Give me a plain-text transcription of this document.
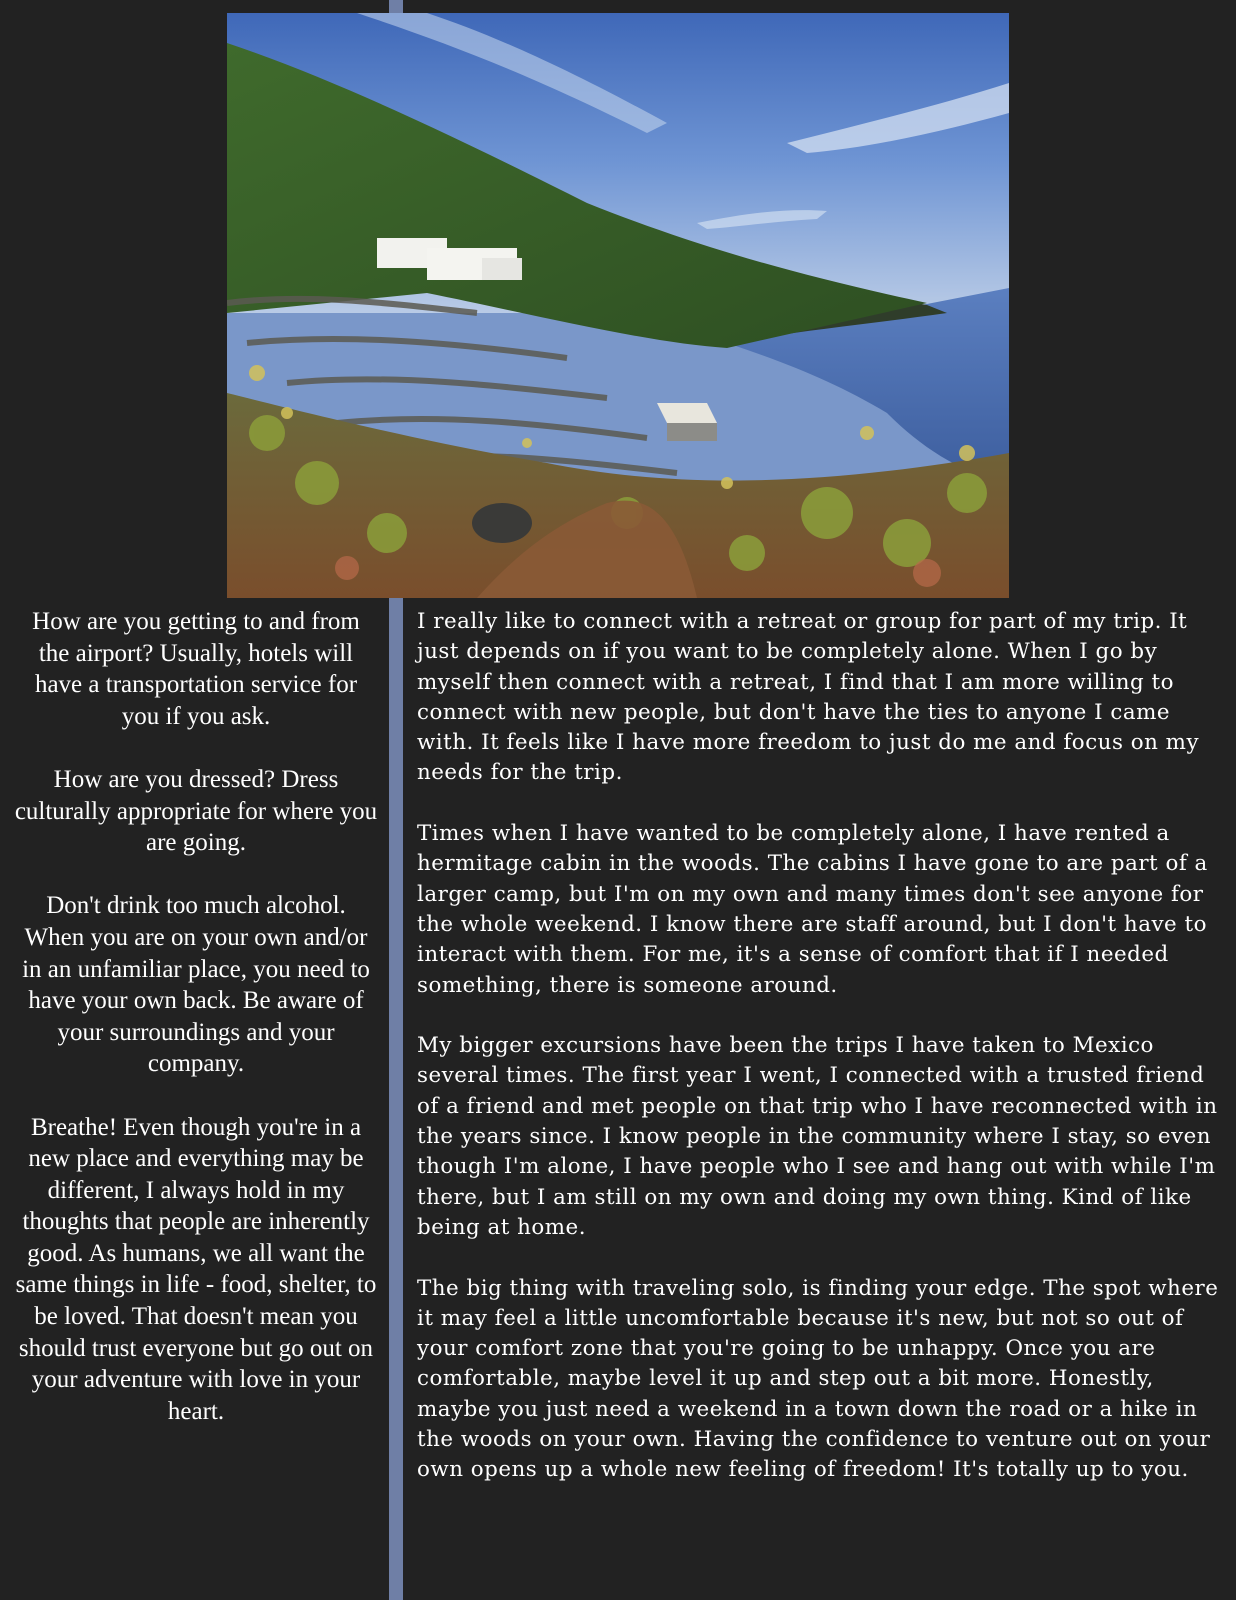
How are you getting to and from the airport? Usually, hotels will have a transportation service for you if you ask.

How are you dressed? Dress culturally appropriate for where you are going.

Don't drink too much alcohol. When you are on your own and/or in an unfamiliar place, you need to have your own back. Be aware of your surroundings and your company.

Breathe! Even though you're in a new place and everything may be different, I always hold in my thoughts that people are inherently good. As humans, we all want the same things in life - food, shelter, to be loved. That doesn't mean you should trust everyone but go out on your adventure with love in your heart.

I really like to connect with a retreat or group for part of my trip. It just depends on if you want to be completely alone. When I go by myself then connect with a retreat, I find that I am more willing to connect with new people, but don't have the ties to anyone I came with. It feels like I have more freedom to just do me and focus on my needs for the trip.

Times when I have wanted to be completely alone, I have rented a hermitage cabin in the woods. The cabins I have gone to are part of a larger camp, but I'm on my own and many times don't see anyone for the whole weekend. I know there are staff around, but I don't have to interact with them. For me, it's a sense of comfort that if I needed something, there is someone around.

My bigger excursions have been the trips I have taken to Mexico several times. The first year I went, I connected with a trusted friend of a friend and met people on that trip who I have reconnected with in the years since. I know people in the community where I stay, so even though I'm alone, I have people who I see and hang out with while I'm there, but I am still on my own and doing my own thing. Kind of like being at home.

The big thing with traveling solo, is finding your edge. The spot where it may feel a little uncomfortable because it's new, but not so out of your comfort zone that you're going to be unhappy. Once you are comfortable, maybe level it up and step out a bit more. Honestly, maybe you just need a weekend in a town down the road or a hike in the woods on your own. Having the confidence to venture out on your own opens up a whole new feeling of freedom! It's totally up to you.
